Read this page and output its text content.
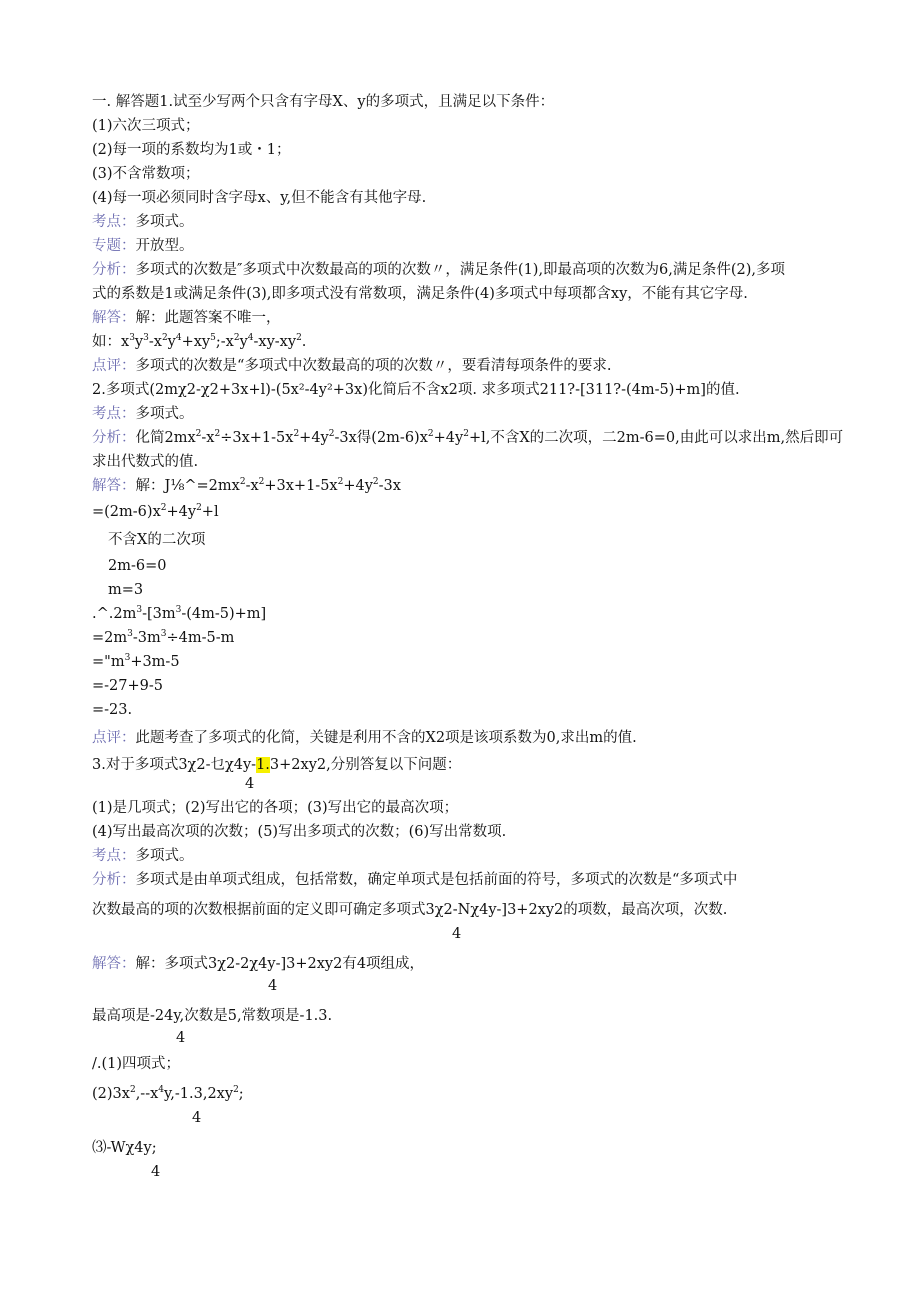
一. 解答题1.试至少写两个只含有字母X、y的多项式，且满足以下条件：
(1)六次三项式；
(2)每一项的系数均为1或・1；
(3)不含常数项；
(4)每一项必须同时含字母x、y,但不能含有其他字母.
考点：多项式。
专题：开放型。
分析：多项式的次数是″多项式中次数最高的项的次数〃，满足条件(1),即最高项的次数为6,满足条件(2),多项
式的系数是1或满足条件(3),即多项式没有常数项，满足条件(4)多项式中每项都含xy，不能有其它字母.
解答：解：此题答案不唯一，
如：$x^3y^3-x^2y^4+xy^5;-x^2y^4-xy-xy^2$.
点评：多项式的次数是“多项式中次数最高的项的次数〃，要看清每项条件的要求.
2.多项式(2mχ2-χ2+3x+l)-(5x²-4y²+3x)化简后不含x2项. 求多项式211?-[311?-(4m-5)+m]的值.
考点：多项式。
分析：化简$2mx^2-x^2\div 3x+1-5x^2+4y^2-3x$得$(2m-6)x^2+4y^2+l$,不含X的二次项，二2m-6=0,由此可以求出m,然后即可
求出代数式的值.
解答：解：$J\frac{1}{8}\^{}=2mx^2-x^2+3x+1-5x^2+4y^2-3x$
$=(2m-6)x^2+4y^2+l$
不含X的二次项
2m-6=0
m=3
$.\^{}.2m^3-[3m^3-(4m-5)+m]$
$=2m^3-3m^3\div 4m-5-m$
$="m^3+3m-5$
=-27+9-5
=-23.
点评：此题考查了多项式的化简，关键是利用不含的X2项是该项系数为0,求出m的值.
3.对于多项式3χ2-乜χ4y-1.3+2xy2,分别答复以下问题：
4
(1)是几项式；(2)写出它的各项；(3)写出它的最高次项；
(4)写出最高次项的次数；(5)写出多项式的次数；(6)写出常数项.
考点：多项式。
分析：多项式是由单项式组成，包括常数，确定单项式是包括前面的符号，多项式的次数是“多项式中
次数最高的项的次数根据前面的定义即可确定多项式3χ2-Nχ4y-]3+2xy2的项数，最高次项，次数.
4
解答：解：多项式3χ2-2χ4y-]3+2xy2有4项组成，
4
最高项是-24y,次数是5,常数项是-1.3.
4
/.(1)四项式；
$(2)3x^2,--x^4y,-1.3,2xy^2$;
4
⑶-Wχ4y;
4
